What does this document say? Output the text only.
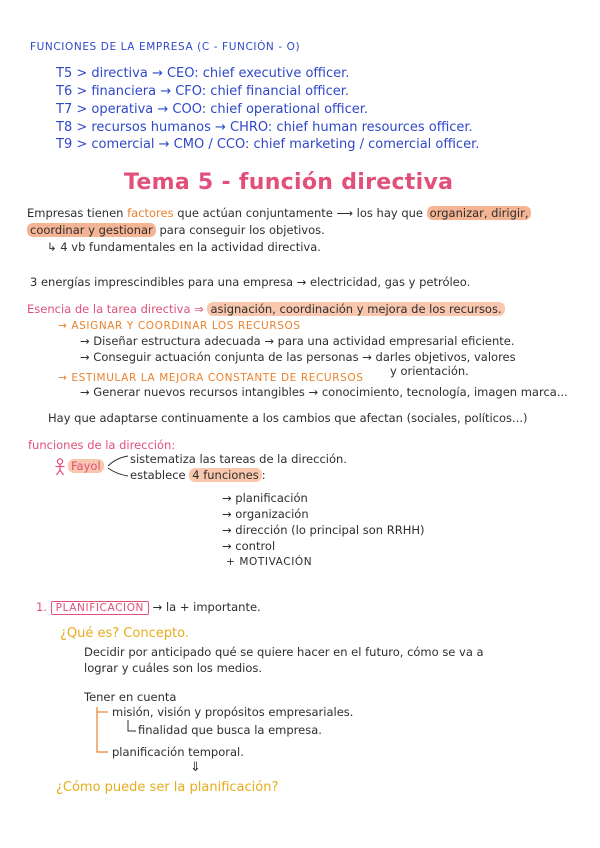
FUNCIONES DE LA EMPRESA (C - FUNCIÓN - O)
T5 > directiva → CEO: chief executive officer.
T6 > financiera → CFO: chief financial officer.
T7 > operativa → COO: chief operational officer.
T8 > recursos humanos → CHRO: chief human resources officer.
T9 > comercial → CMO / CCO: chief marketing / comercial officer.
Tema 5 - función directiva
Empresas tienen factores que actúan conjuntamente ⟶ los hay que organizar, dirigir,
coordinar y gestionar para conseguir los objetivos.
↳ 4 vb fundamentales en la actividad directiva.
3 energías imprescindibles para una empresa → electricidad, gas y petróleo.
Esencia de la tarea directiva ⇒ asignación, coordinación y mejora de los recursos.
→ ASIGNAR Y COORDINAR LOS RECURSOS
→ Diseñar estructura adecuada → para una actividad empresarial eficiente.
→ Conseguir actuación conjunta de las personas → darles objetivos, valores
y orientación.
→ ESTIMULAR LA MEJORA CONSTANTE DE RECURSOS
→ Generar nuevos recursos intangibles → conocimiento, tecnología, imagen marca...
Hay que adaptarse continuamente a los cambios que afectan (sociales, políticos...)
funciones de la dirección:
Fayol	sistematiza las tareas de la dirección.
establece 4 funciones :
→ planificación
→ organización
→ dirección (lo principal son RRHH)
→ control
+ MOTIVACIÓN
1. PLANIFICACIÓN → la + importante.
¿Qué es? Concepto.
Decidir por anticipado qué se quiere hacer en el futuro, cómo se va a
lograr y cuáles son los medios.
Tener en cuenta
misión, visión y propósitos empresariales.
finalidad que busca la empresa.
planificación temporal.
⇓
¿Cómo puede ser la planificación?
